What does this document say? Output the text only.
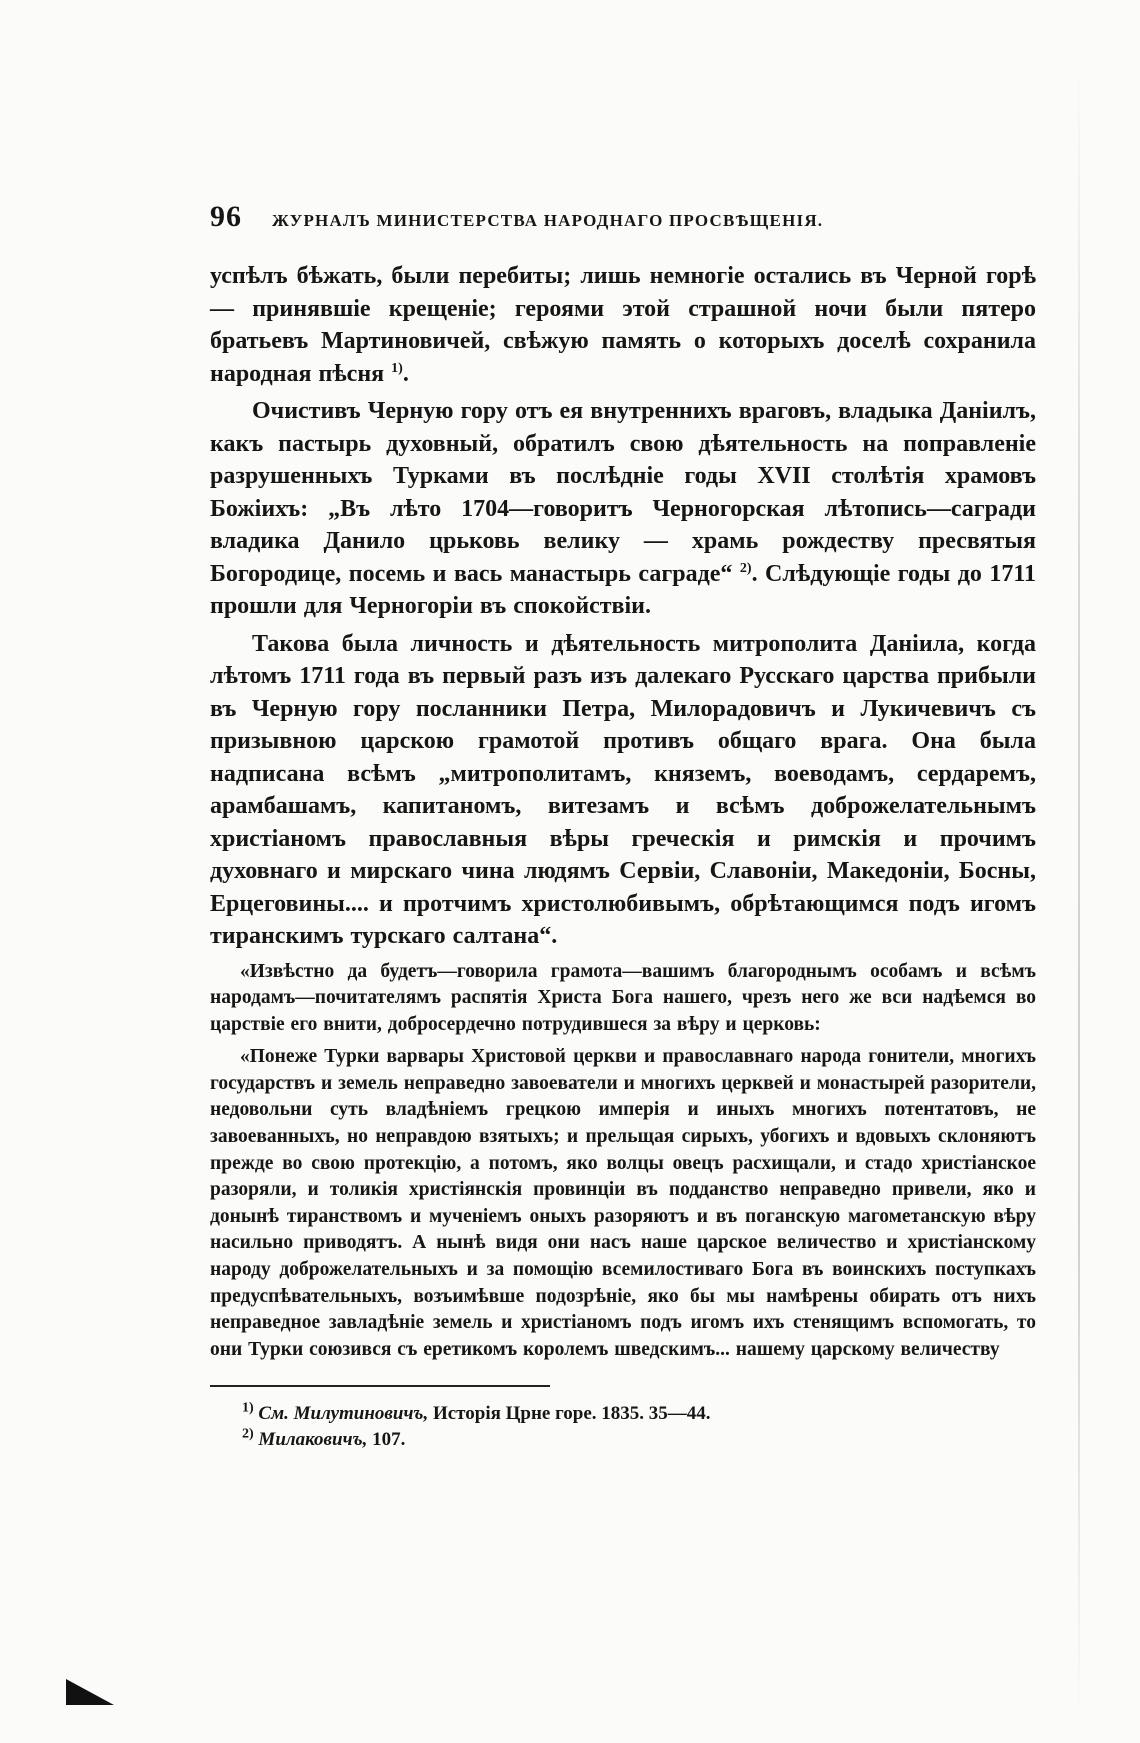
96 ЖУРНАЛЪ МИНИСТЕРСТВА НАРОДНАГО ПРОСВѢЩЕНІЯ.

успѣлъ бѣжать, были перебиты; лишь немногіе остались въ Черной горѣ — принявшіе крещеніе; героями этой страшной ночи были пятеро братьевъ Мартиновичей, свѣжую память о которыхъ доселѣ сохранила народная пѣсня $^{1)}$.

Очистивъ Черную гору отъ ея внутреннихъ враговъ, владыка Даніилъ, какъ пастырь духовный, обратилъ свою дѣятельность на поправленіе разрушенныхъ Турками въ послѣдніе годы XVII столѣтія храмовъ Божіихъ: „Въ лѣто 1704—говоритъ Черногорская лѣтопись—сагради владика Данило црьковь велику — храмь рождеству пресвятыя Богородице, посемь и вась манастырь саграде“ $^{2)}$. Слѣдующіе годы до 1711 прошли для Черногоріи въ спокойствіи.

Такова была личность и дѣятельность митрополита Даніила, когда лѣтомъ 1711 года въ первый разъ изъ далекаго Русскаго царства прибыли въ Черную гору посланники Петра, Милорадовичъ и Лукичевичъ съ призывною царскою грамотой противъ общаго врага. Она была надписана всѣмъ „митрополитамъ, княземъ, воеводамъ, сердаремъ, арамбашамъ, капитаномъ, витезамъ и всѣмъ доброжелательнымъ христіаномъ православныя вѣры греческія и римскія и прочимъ духовнаго и мирскаго чина людямъ Сервіи, Славоніи, Македоніи, Босны, Ерцеговины.... и протчимъ христолюбивымъ, обрѣтающимся подъ игомъ тиранскимъ турскаго салтана“.

«Извѣстно да будетъ—говорила грамота—вашимъ благороднымъ особамъ и всѣмъ народамъ—почитателямъ распятія Христа Бога нашего, чрезъ него же вси надѣемся во царствіе его внити, добросердечно потрудившеся за вѣру и церковь:

«Понеже Турки варвары Христовой церкви и православнаго народа гонители, многихъ государствъ и земель неправедно завоеватели и многихъ церквей и монастырей разорители, недовольни суть владѣніемъ грецкою имперія и иныхъ многихъ потентатовъ, не завоеванныхъ, но неправдою взятыхъ; и прельщая сирыхъ, убогихъ и вдовыхъ склоняютъ прежде во свою протекцію, а потомъ, яко волцы овецъ расхищали, и стадо христіанское разоряли, и толикія христіянскія провинціи въ подданство неправедно привели, яко и донынѣ тиранствомъ и мученіемъ оныхъ разоряютъ и въ поганскую магометанскую вѣру насильно приводятъ. А нынѣ видя они насъ наше царское величество и христіанскому народу доброжелательныхъ и за помощію всемилостиваго Бога въ воинскихъ поступкахъ предуспѣвательныхъ, возъимѣвше подозрѣніе, яко бы мы намѣрены обирать отъ нихъ неправедное завладѣніе земель и христіаномъ подъ игомъ ихъ стенящимъ вспомогать, то они Турки союзився съ еретикомъ королемъ шведскимъ... нашему царскому величеству

$^{1)}$ См. Милутиновичъ, Исторія Црне горе. 1835. 35—44.

$^{2)}$ Милаковичъ, 107.
